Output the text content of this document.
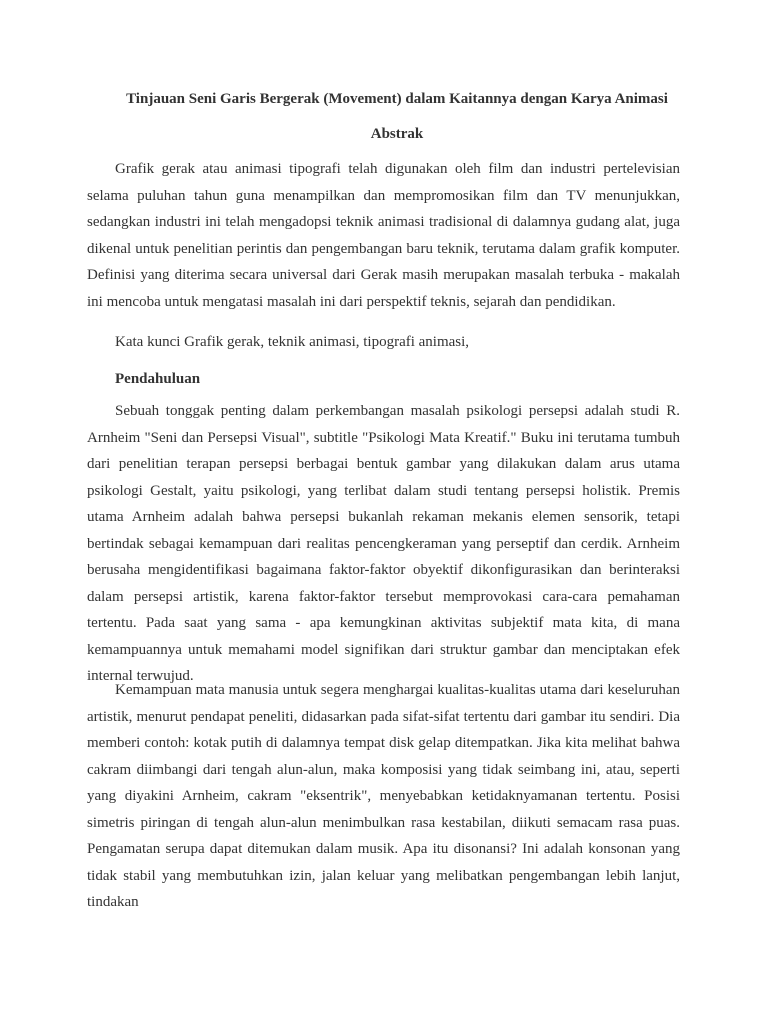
Tinjauan Seni Garis Bergerak (Movement) dalam Kaitannya dengan Karya Animasi
Abstrak

Grafik gerak atau animasi tipografi telah digunakan oleh film dan industri pertelevisian selama puluhan tahun guna menampilkan dan mempromosikan film dan TV menunjukkan, sedangkan industri ini telah mengadopsi teknik animasi tradisional di dalamnya gudang alat, juga dikenal untuk penelitian perintis dan pengembangan baru teknik, terutama dalam grafik komputer. Definisi yang diterima secara universal dari Gerak masih merupakan masalah terbuka - makalah ini mencoba untuk mengatasi masalah ini dari perspektif teknis, sejarah dan pendidikan.

Kata kunci Grafik gerak, teknik animasi, tipografi animasi,

Pendahuluan

Sebuah tonggak penting dalam perkembangan masalah psikologi persepsi adalah studi R. Arnheim "Seni dan Persepsi Visual", subtitle "Psikologi Mata Kreatif." Buku ini terutama tumbuh dari penelitian terapan persepsi berbagai bentuk gambar yang dilakukan dalam arus utama psikologi Gestalt, yaitu psikologi, yang terlibat dalam studi tentang persepsi holistik. Premis utama Arnheim adalah bahwa persepsi bukanlah rekaman mekanis elemen sensorik, tetapi bertindak sebagai kemampuan dari realitas pencengkeraman yang perseptif dan cerdik. Arnheim berusaha mengidentifikasi bagaimana faktor-faktor obyektif dikonfigurasikan dan berinteraksi dalam persepsi artistik, karena faktor-faktor tersebut memprovokasi cara-cara pemahaman tertentu. Pada saat yang sama - apa kemungkinan aktivitas subjektif mata kita, di mana kemampuannya untuk memahami model signifikan dari struktur gambar dan menciptakan efek internal terwujud.

Kemampuan mata manusia untuk segera menghargai kualitas-kualitas utama dari keseluruhan artistik, menurut pendapat peneliti, didasarkan pada sifat-sifat tertentu dari gambar itu sendiri. Dia memberi contoh: kotak putih di dalamnya tempat disk gelap ditempatkan. Jika kita melihat bahwa cakram diimbangi dari tengah alun-alun, maka komposisi yang tidak seimbang ini, atau, seperti yang diyakini Arnheim, cakram "eksentrik", menyebabkan ketidaknyamanan tertentu. Posisi simetris piringan di tengah alun-alun menimbulkan rasa kestabilan, diikuti semacam rasa puas. Pengamatan serupa dapat ditemukan dalam musik. Apa itu disonansi? Ini adalah konsonan yang tidak stabil yang membutuhkan izin, jalan keluar yang melibatkan pengembangan lebih lanjut, tindakan
